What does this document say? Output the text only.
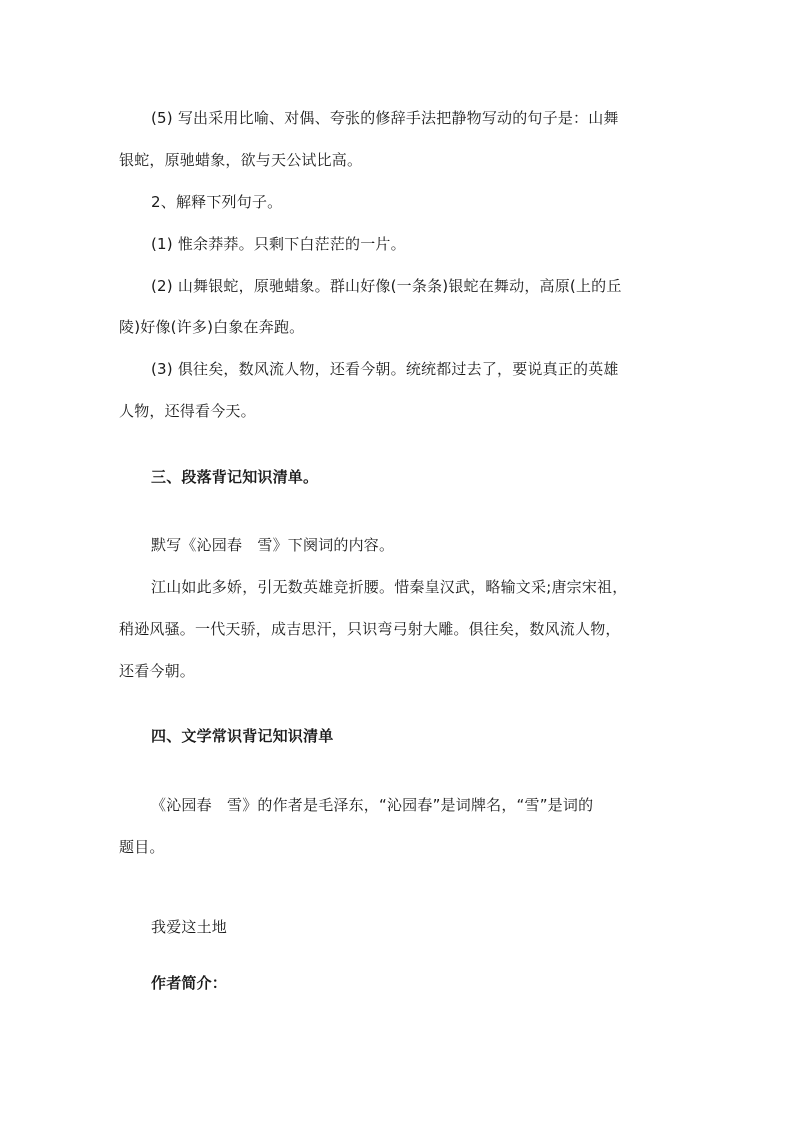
(5) 写出采用比喻、对偶、夸张的修辞手法把静物写动的句子是：山舞
银蛇，原驰蜡象，欲与天公试比高。
2、解释下列句子。
(1) 惟余莽莽。只剩下白茫茫的一片。
(2) 山舞银蛇，原驰蜡象。群山好像(一条条)银蛇在舞动，高原(上的丘
陵)好像(许多)白象在奔跑。
(3) 俱往矣，数风流人物，还看今朝。统统都过去了，要说真正的英雄
人物，还得看今天。
三、段落背记知识清单。
默写《沁园春　雪》下阕词的内容。
江山如此多娇，引无数英雄竞折腰。惜秦皇汉武，略输文采;唐宗宋祖，
稍逊风骚。一代天骄，成吉思汗，只识弯弓射大雕。俱往矣，数风流人物，
还看今朝。
四、文学常识背记知识清单
《沁园春　雪》的作者是毛泽东，“沁园春”是词牌名，“雪”是词的
题目。
我爱这土地
作者简介：
